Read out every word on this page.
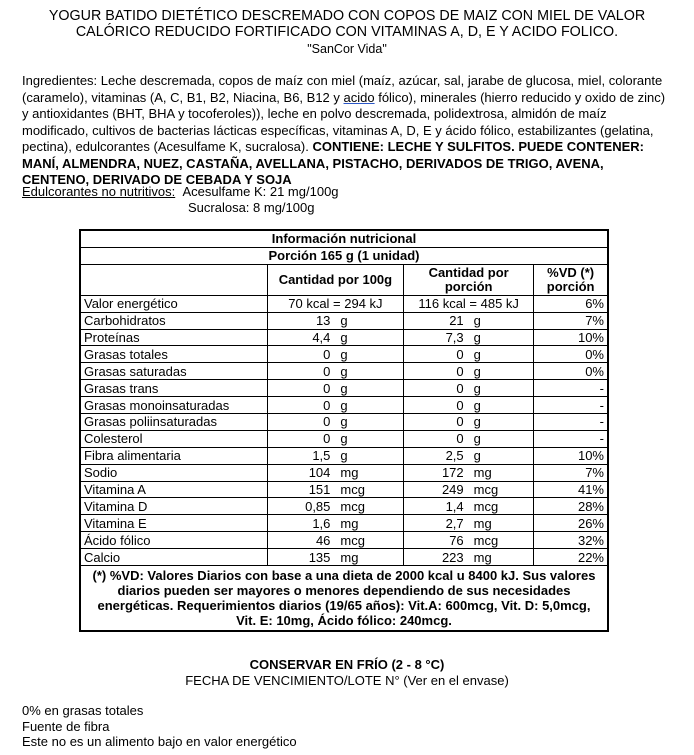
YOGUR BATIDO DIETÉTICO DESCREMADO CON COPOS DE MAIZ CON MIEL DE VALOR
CALÓRICO REDUCIDO FORTIFICADO CON VITAMINAS A, D, E Y ACIDO FOLICO.
"SanCor Vida"
Ingredientes: Leche descremada, copos de maíz con miel (maíz, azúcar, sal, jarabe de glucosa, miel, colorante (caramelo), vitaminas (A, C, B1, B2, Niacina, B6, B12 y acido fólico), minerales (hierro reducido y oxido de zinc) y antioxidantes (BHT, BHA y tocoferoles)), leche en polvo descremada, polidextrosa, almidón de maíz modificado, cultivos de bacterias lácticas específicas, vitaminas A, D, E y ácido fólico, estabilizantes (gelatina, pectina), edulcorantes (Acesulfame K, sucralosa). CONTIENE: LECHE Y SULFITOS. PUEDE CONTENER: MANÍ, ALMENDRA, NUEZ, CASTAÑA, AVELLANA, PISTACHO, DERIVADOS DE TRIGO, AVENA, CENTENO, DERIVADO DE CEBADA Y SOJA
Edulcorantes no nutritivos: Acesulfame K: 21 mg/100g
Sucralosa: 8 mg/100g
Información nutricional			
Porción 165 g (1 unidad)			
	Cantidad por 100g	Cantidad por porción	%VD (*) porción
Valor energético	70 kcal = 294 kJ	116 kcal = 485 kJ	6%
Carbohidratos	13 g	21 g	7%
Proteínas	4,4 g	7,3 g	10%
Grasas totales	0 g	0 g	0%
Grasas saturadas	0 g	0 g	0%
Grasas trans	0 g	0 g	-
Grasas monoinsaturadas	0 g	0 g	-
Grasas poliinsaturadas	0 g	0 g	-
Colesterol	0 g	0 g	-
Fibra alimentaria	1,5 g	2,5 g	10%
Sodio	104 mg	172 mg	7%
Vitamina A	151 mcg	249 mcg	41%
Vitamina D	0,85 mcg	1,4 mcg	28%
Vitamina E	1,6 mg	2,7 mg	26%
Ácido fólico	46 mcg	76 mcg	32%
Calcio	135 mg	223 mg	22%
(*) %VD: Valores Diarios con base a una dieta de 2000 kcal u 8400 kJ. Sus valores diarios pueden ser mayores o menores dependiendo de sus necesidades energéticas. Requerimientos diarios (19/65 años): Vit.A: 600mcg, Vit. D: 5,0mcg, Vit. E: 10mg, Ácido fólico: 240mcg.			
CONSERVAR EN FRÍO (2 - 8 °C)
FECHA DE VENCIMIENTO/LOTE N° (Ver en el envase)
0% en grasas totales
Fuente de fibra
Este no es un alimento bajo en valor energético
